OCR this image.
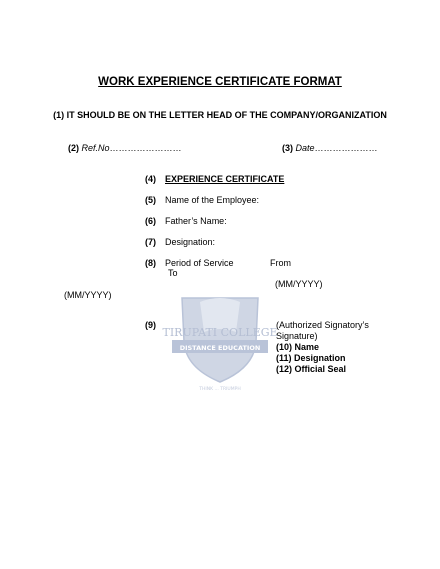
WORK EXPERIENCE CERTIFICATE FORMAT
(1) IT SHOULD BE ON THE LETTER HEAD OF THE COMPANY/ORGANIZATION
(2) Ref.No……………………	(3) Date…………………
TIRUPATI COLLEGE
DISTANCE EDUCATION
THINK ... TRIUMPH
(4) EXPERIENCE CERTIFICATE
(5) Name of the Employee:
(6) Father’s Name:
(7) Designation:
(8) Period of Service	From
To
(MM/YYYY)
(MM/YYYY)
(9)	(Authorized Signatory’s
Signature)
(10) Name
(11) Designation
(12) Official Seal
